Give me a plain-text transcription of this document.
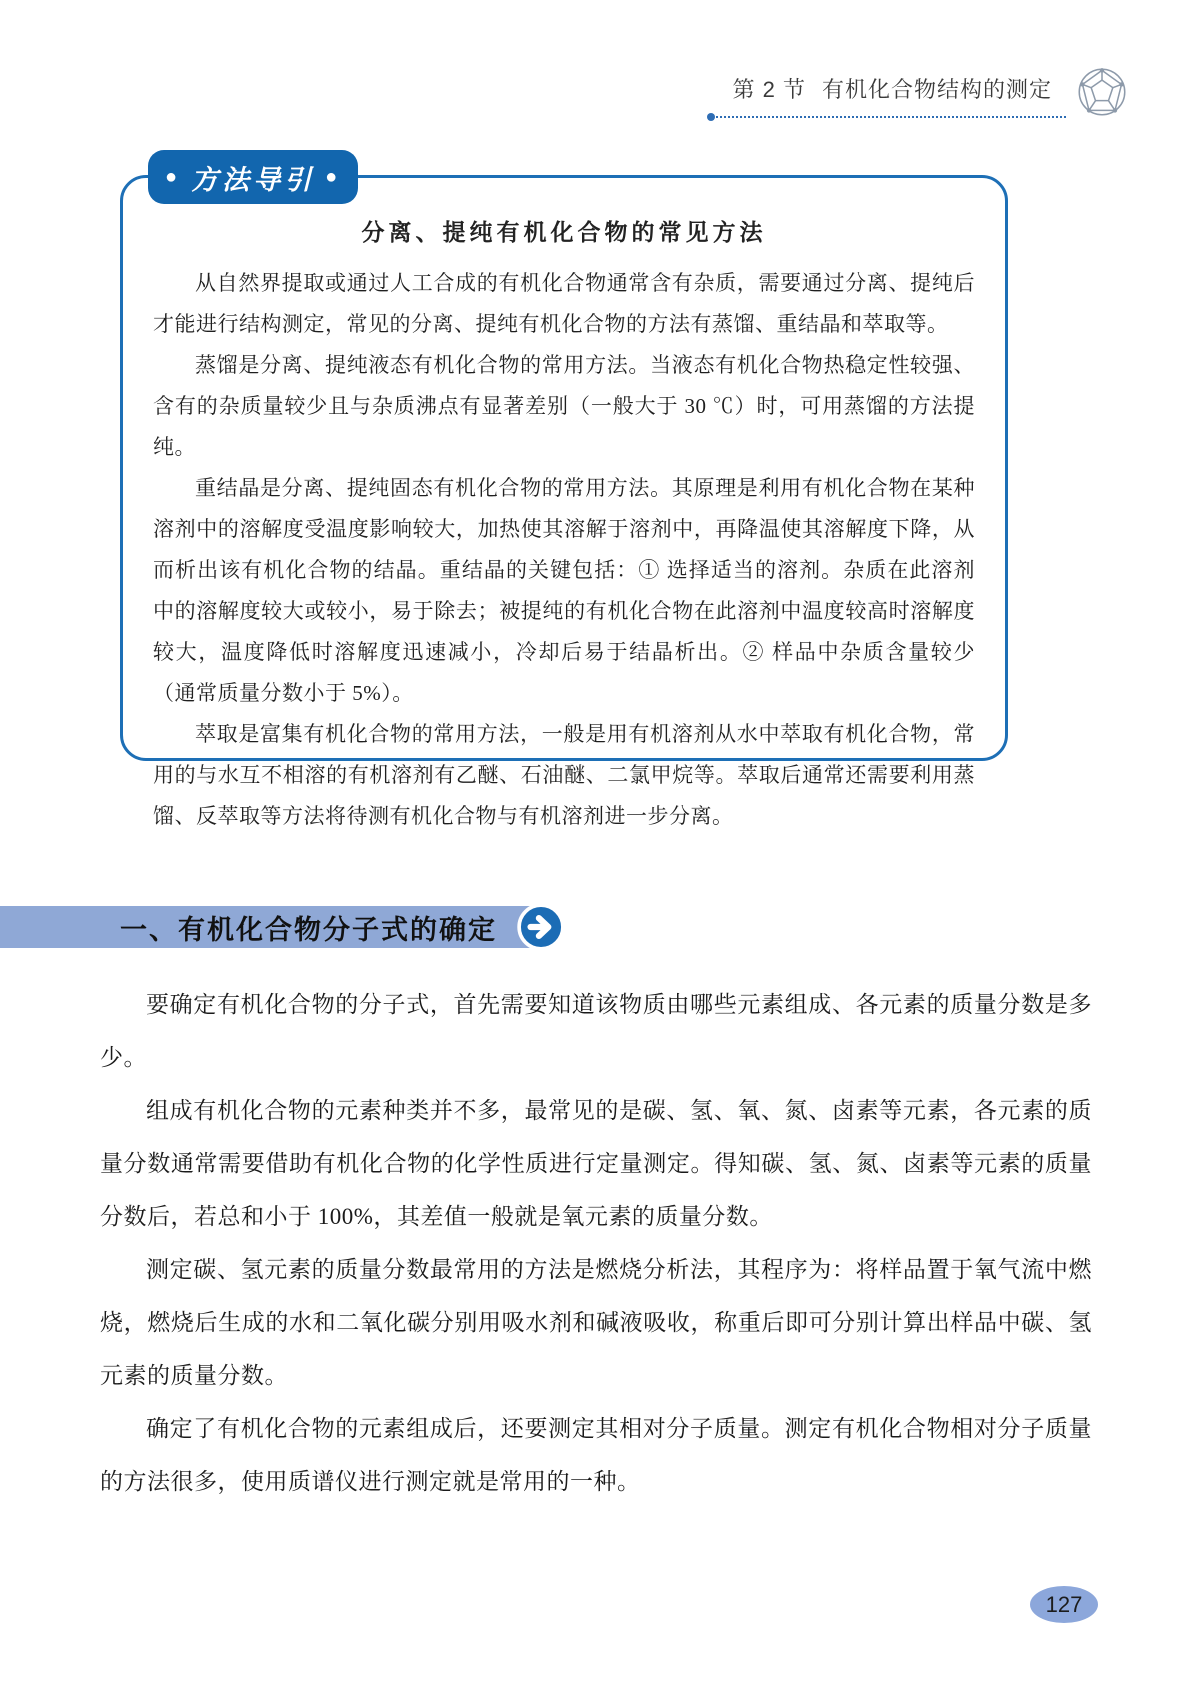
第 2 节 有机化合物结构的测定
● 方法导引 ●
分离、提纯有机化合物的常见方法

从自然界提取或通过人工合成的有机化合物通常含有杂质，需要通过分离、提纯后才能进行结构测定，常见的分离、提纯有机化合物的方法有蒸馏、重结晶和萃取等。

蒸馏是分离、提纯液态有机化合物的常用方法。当液态有机化合物热稳定性较强、含有的杂质量较少且与杂质沸点有显著差别（一般大于 30 ℃）时，可用蒸馏的方法提纯。

重结晶是分离、提纯固态有机化合物的常用方法。其原理是利用有机化合物在某种溶剂中的溶解度受温度影响较大，加热使其溶解于溶剂中，再降温使其溶解度下降，从而析出该有机化合物的结晶。重结晶的关键包括：① 选择适当的溶剂。杂质在此溶剂中的溶解度较大或较小，易于除去；被提纯的有机化合物在此溶剂中温度较高时溶解度较大，温度降低时溶解度迅速减小，冷却后易于结晶析出。② 样品中杂质含量较少（通常质量分数小于 5%）。

萃取是富集有机化合物的常用方法，一般是用有机溶剂从水中萃取有机化合物，常用的与水互不相溶的有机溶剂有乙醚、石油醚、二氯甲烷等。萃取后通常还需要利用蒸馏、反萃取等方法将待测有机化合物与有机溶剂进一步分离。

一、有机化合物分子式的确定

要确定有机化合物的分子式，首先需要知道该物质由哪些元素组成、各元素的质量分数是多少。

组成有机化合物的元素种类并不多，最常见的是碳、氢、氧、氮、卤素等元素，各元素的质量分数通常需要借助有机化合物的化学性质进行定量测定。得知碳、氢、氮、卤素等元素的质量分数后，若总和小于 100%，其差值一般就是氧元素的质量分数。

测定碳、氢元素的质量分数最常用的方法是燃烧分析法，其程序为：将样品置于氧气流中燃烧，燃烧后生成的水和二氧化碳分别用吸水剂和碱液吸收，称重后即可分别计算出样品中碳、氢元素的质量分数。

确定了有机化合物的元素组成后，还要测定其相对分子质量。测定有机化合物相对分子质量的方法很多，使用质谱仪进行测定就是常用的一种。

127
